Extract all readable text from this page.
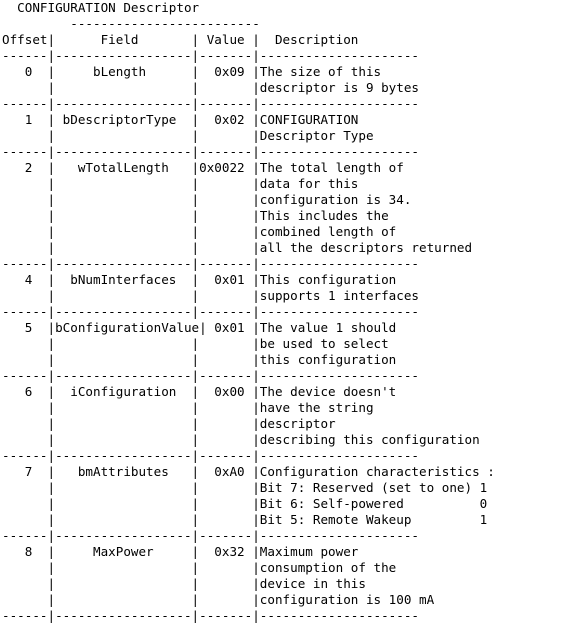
CONFIGURATION Descriptor
-------------------------
Offset|      Field       | Value |  Description
------|------------------|-------|---------------------
0  |     bLength      |  0x09 |The size of this
|                  |       |descriptor is 9 bytes
------|------------------|-------|---------------------
1  | bDescriptorType  |  0x02 |CONFIGURATION
|                  |       |Descriptor Type
------|------------------|-------|---------------------
2  |   wTotalLength   |0x0022 |The total length of
|                  |       |data for this
|                  |       |configuration is 34.
|                  |       |This includes the
|                  |       |combined length of
|                  |       |all the descriptors returned
------|------------------|-------|---------------------
4  |  bNumInterfaces  |  0x01 |This configuration
|                  |       |supports 1 interfaces
------|------------------|-------|---------------------
5  |bConfigurationValue| 0x01 |The value 1 should
|                  |       |be used to select
|                  |       |this configuration
------|------------------|-------|---------------------
6  |  iConfiguration  |  0x00 |The device doesn't
|                  |       |have the string
|                  |       |descriptor
|                  |       |describing this configuration
------|------------------|-------|---------------------
7  |   bmAttributes   |  0xA0 |Configuration characteristics :
|                  |       |Bit 7: Reserved (set to one) 1
|                  |       |Bit 6: Self-powered          0
|                  |       |Bit 5: Remote Wakeup         1
------|------------------|-------|---------------------
8  |     MaxPower     |  0x32 |Maximum power
|                  |       |consumption of the
|                  |       |device in this
|                  |       |configuration is 100 mA
------|------------------|-------|---------------------
